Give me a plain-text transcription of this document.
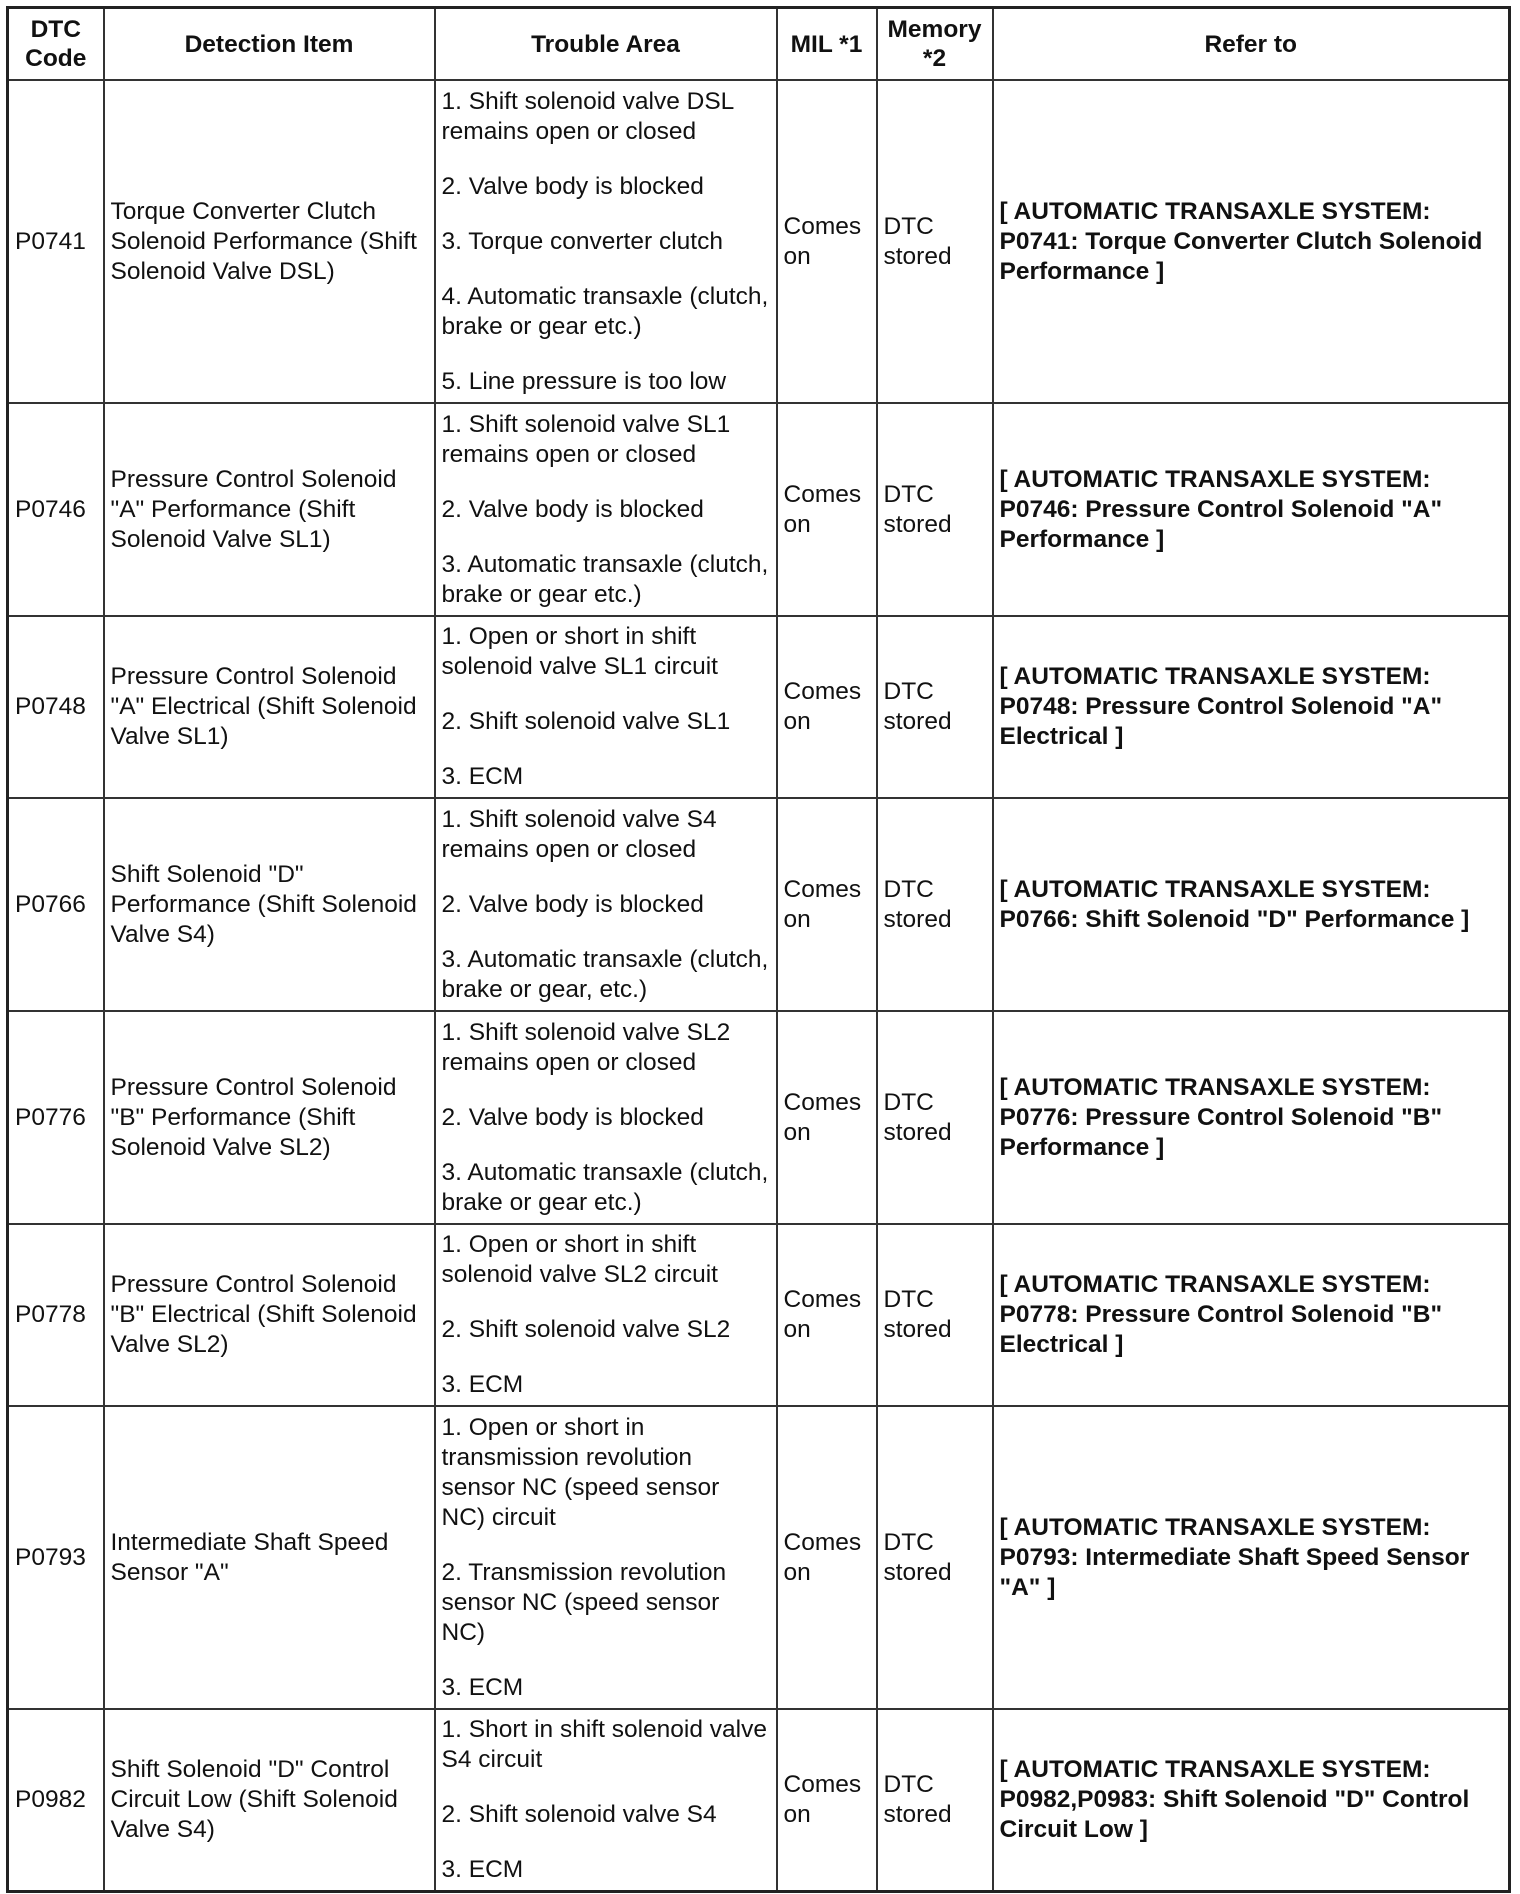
DTC Code	Detection Item	Trouble Area	MIL *1	Memory *2	Refer to
P0741	Torque Converter Clutch Solenoid Performance (Shift Solenoid Valve DSL)	1. Shift solenoid valve DSL remains open or closed
2. Valve body is blocked
3. Torque converter clutch
4. Automatic transaxle (clutch, brake or gear etc.)
5. Line pressure is too low	Comes on	DTC stored	[ AUTOMATIC TRANSAXLE SYSTEM: P0741: Torque Converter Clutch Solenoid Performance ]
P0746	Pressure Control Solenoid "A" Performance (Shift Solenoid Valve SL1)	1. Shift solenoid valve SL1 remains open or closed
2. Valve body is blocked
3. Automatic transaxle (clutch, brake or gear etc.)	Comes on	DTC stored	[ AUTOMATIC TRANSAXLE SYSTEM: P0746: Pressure Control Solenoid "A" Performance ]
P0748	Pressure Control Solenoid "A" Electrical (Shift Solenoid Valve SL1)	1. Open or short in shift solenoid valve SL1 circuit
2. Shift solenoid valve SL1
3. ECM	Comes on	DTC stored	[ AUTOMATIC TRANSAXLE SYSTEM: P0748: Pressure Control Solenoid "A" Electrical ]
P0766	Shift Solenoid "D" Performance (Shift Solenoid Valve S4)	1. Shift solenoid valve S4 remains open or closed
2. Valve body is blocked
3. Automatic transaxle (clutch, brake or gear, etc.)	Comes on	DTC stored	[ AUTOMATIC TRANSAXLE SYSTEM: P0766: Shift Solenoid "D" Performance ]
P0776	Pressure Control Solenoid "B" Performance (Shift Solenoid Valve SL2)	1. Shift solenoid valve SL2 remains open or closed
2. Valve body is blocked
3. Automatic transaxle (clutch, brake or gear etc.)	Comes on	DTC stored	[ AUTOMATIC TRANSAXLE SYSTEM: P0776: Pressure Control Solenoid "B" Performance ]
P0778	Pressure Control Solenoid "B" Electrical (Shift Solenoid Valve SL2)	1. Open or short in shift solenoid valve SL2 circuit
2. Shift solenoid valve SL2
3. ECM	Comes on	DTC stored	[ AUTOMATIC TRANSAXLE SYSTEM: P0778: Pressure Control Solenoid "B" Electrical ]
P0793	Intermediate Shaft Speed Sensor "A"	1. Open or short in transmission revolution sensor NC (speed sensor NC) circuit
2. Transmission revolution sensor NC (speed sensor NC)
3. ECM	Comes on	DTC stored	[ AUTOMATIC TRANSAXLE SYSTEM: P0793: Intermediate Shaft Speed Sensor "A" ]
P0982	Shift Solenoid "D" Control Circuit Low (Shift Solenoid Valve S4)	1. Short in shift solenoid valve S4 circuit
2. Shift solenoid valve S4
3. ECM	Comes on	DTC stored	[ AUTOMATIC TRANSAXLE SYSTEM: P0982,P0983: Shift Solenoid "D" Control Circuit Low ]
